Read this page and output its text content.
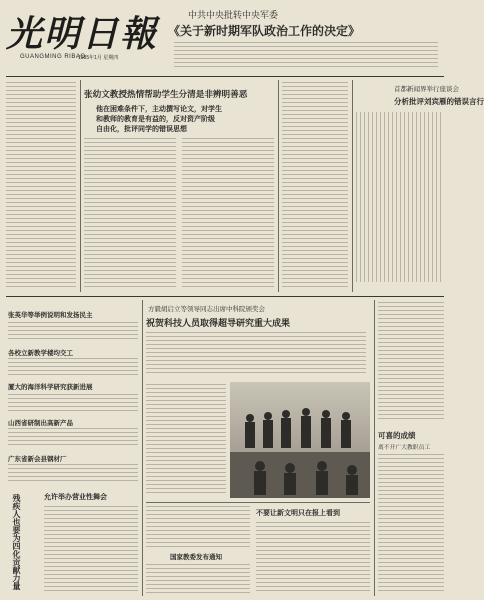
光明日報
GUANGMING RIBAO
1985年1月 星期四
中共中央批转中央军委
《关于新时期军队政治工作的决定》
张幼文教授热情帮助学生分清是非辨明善恶
他在困难条件下，主动撰写论文，对学生
和教师的教育是有益的，反对资产阶级
自由化，批评同学的错误思想
首都新闻界举行座谈会
分析批评刘宾雁的错误言行
张英华等举例说明和发扬民主
各校立新教学楼均交工
厦大的海洋科学研究获新进展
山西省研制出高新产品
广东省新会县钢材厂
允许举办营业性舞会
残疾人也要为四化贡献力量
方毅胡启立等领导同志出席中科院颁奖会
祝贺科技人员取得超导研究重大成果
可喜的成绩
离不开广大教职员工
不要让新文明只在报上看到
国家教委发布通知
